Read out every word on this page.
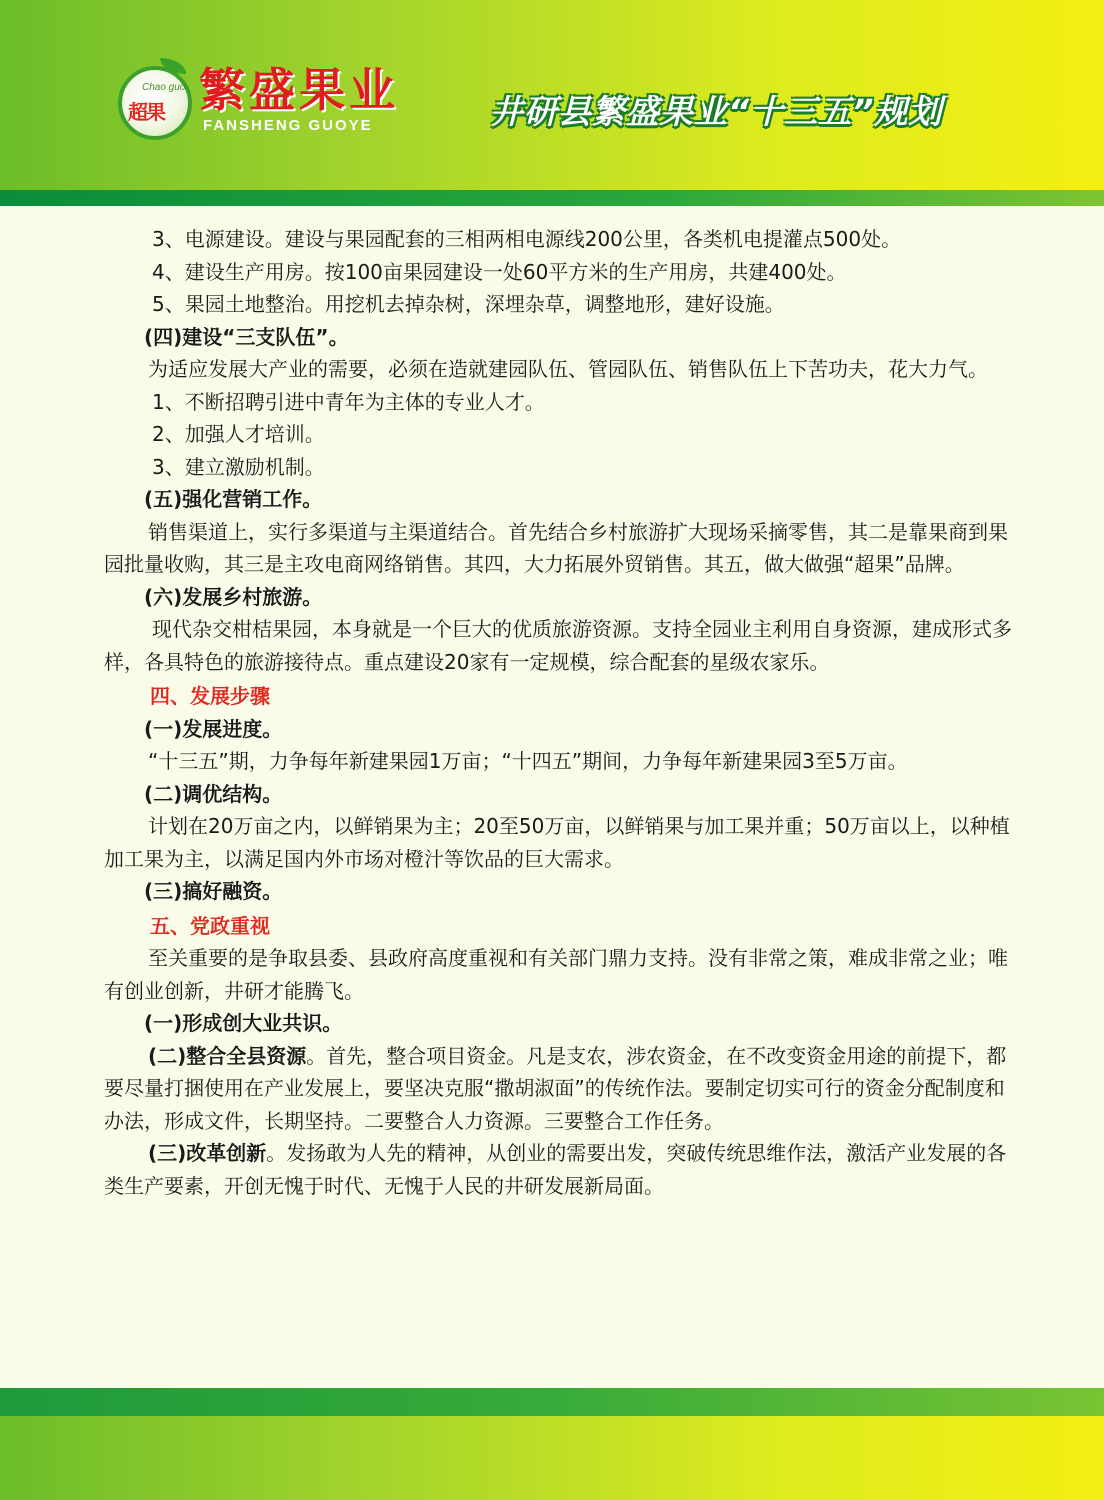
Chao guo
超果 繁盛果业
FANSHENG GUOYE	井研县繁盛果业“十三五”规划

3、电源建设。建设与果园配套的三相两相电源线200公里，各类机电提灌点500处。

4、建设生产用房。按100亩果园建设一处60平方米的生产用房，共建400处。

5、果园土地整治。用挖机去掉杂树，深埋杂草，调整地形，建好设施。

(四)建设“三支队伍”。

为适应发展大产业的需要，必须在造就建园队伍、管园队伍、销售队伍上下苦功夫，花大力气。

1、不断招聘引进中青年为主体的专业人才。

2、加强人才培训。

3、建立激励机制。

(五)强化营销工作。

销售渠道上，实行多渠道与主渠道结合。首先结合乡村旅游扩大现场采摘零售，其二是靠果商到果园批量收购，其三是主攻电商网络销售。其四，大力拓展外贸销售。其五，做大做强“超果”品牌。

(六)发展乡村旅游。

现代杂交柑桔果园，本身就是一个巨大的优质旅游资源。支持全园业主利用自身资源，建成形式多样，各具特色的旅游接待点。重点建设20家有一定规模，综合配套的星级农家乐。

四、发展步骤

(一)发展进度。

“十三五”期，力争每年新建果园1万亩；“十四五”期间，力争每年新建果园3至5万亩。

(二)调优结构。

计划在20万亩之内，以鲜销果为主；20至50万亩，以鲜销果与加工果并重；50万亩以上，以种植加工果为主，以满足国内外市场对橙汁等饮品的巨大需求。

(三)搞好融资。

五、党政重视

至关重要的是争取县委、县政府高度重视和有关部门鼎力支持。没有非常之策，难成非常之业；唯有创业创新，井研才能腾飞。

(一)形成创大业共识。

(二)整合全县资源。首先，整合项目资金。凡是支农，涉农资金，在不改变资金用途的前提下，都要尽量打捆使用在产业发展上，要坚决克服“撒胡淑面”的传统作法。要制定切实可行的资金分配制度和办法，形成文件，长期坚持。二要整合人力资源。三要整合工作任务。

(三)改革创新。发扬敢为人先的精神，从创业的需要出发，突破传统思维作法，激活产业发展的各类生产要素，开创无愧于时代、无愧于人民的井研发展新局面。
